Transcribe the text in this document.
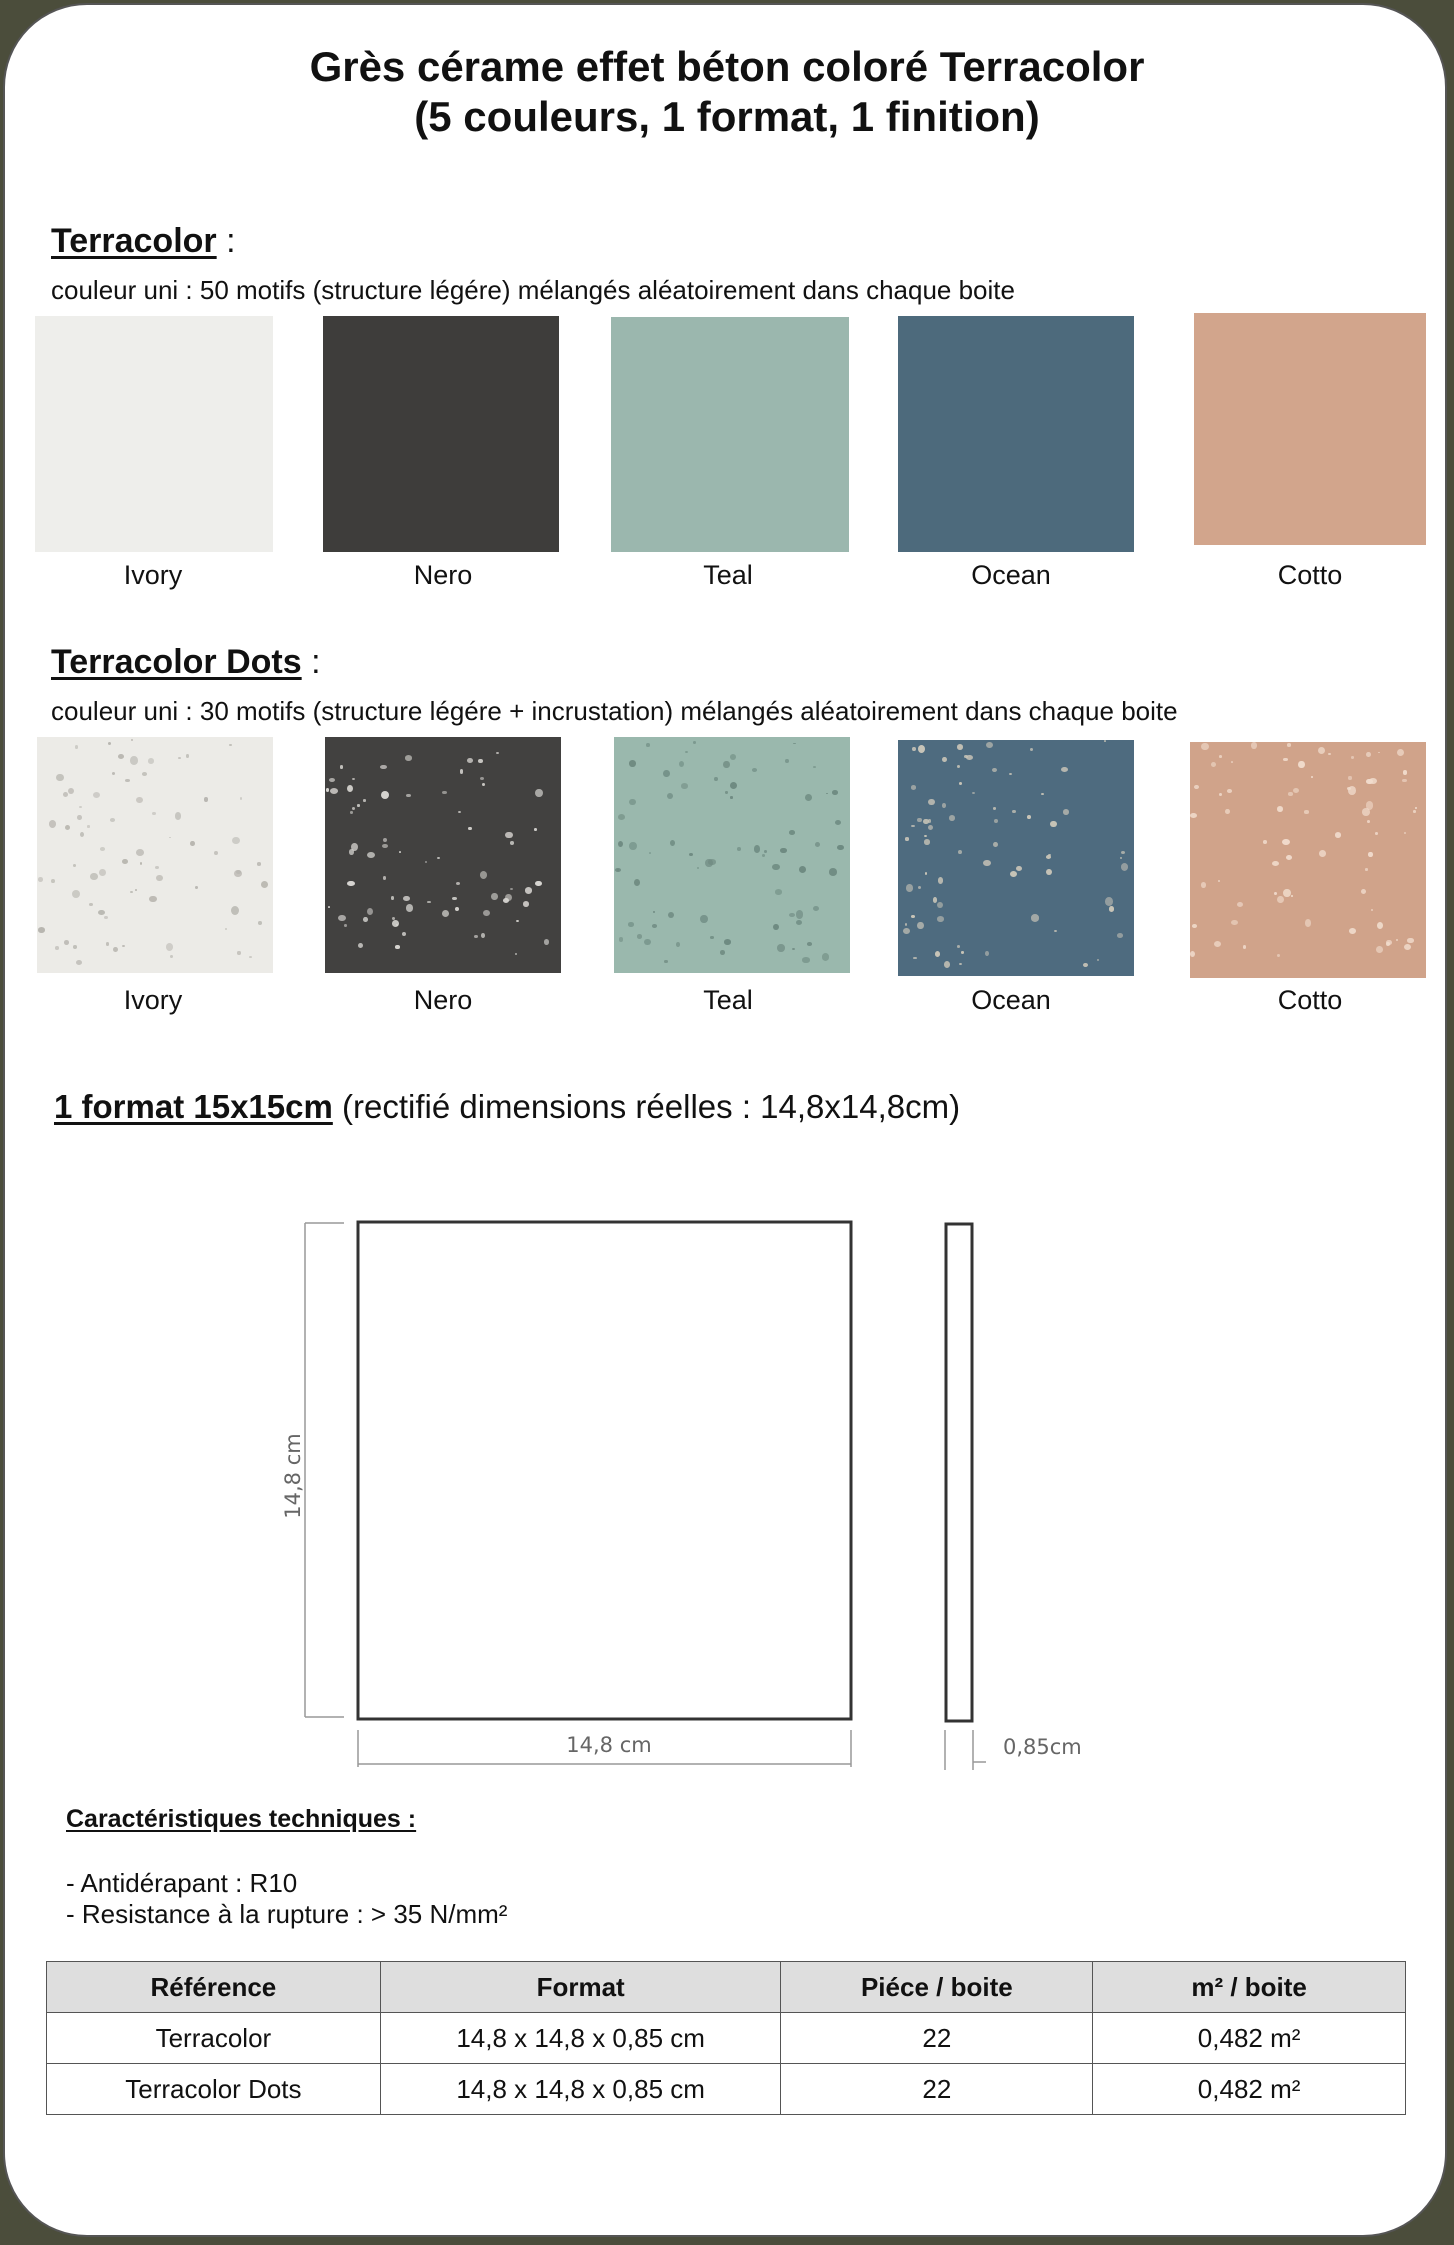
Grès cérame effet béton coloré Terracolor
(5 couleurs, 1 format, 1 finition)
Terracolor :
couleur uni : 50 motifs (structure légére) mélangés aléatoirement dans chaque boite
Ivory	Nero	Teal	Ocean	Cotto
Terracolor Dots :
couleur uni : 30 motifs (structure légére + incrustation) mélangés aléatoirement dans chaque boite
Ivory	Nero	Teal	Ocean	Cotto
1 format 15x15cm (rectifié dimensions réelles : 14,8x14,8cm)
14,8 cm
14,8 cm	0,85cm
Caractéristiques techniques :
- Antidérapant : R10
- Resistance à la rupture : > 35 N/mm²
Référence	Format	Piéce / boite	m² / boite
Terracolor	14,8 x 14,8 x 0,85 cm	22	0,482 m²
Terracolor Dots	14,8 x 14,8 x 0,85 cm	22	0,482 m²
